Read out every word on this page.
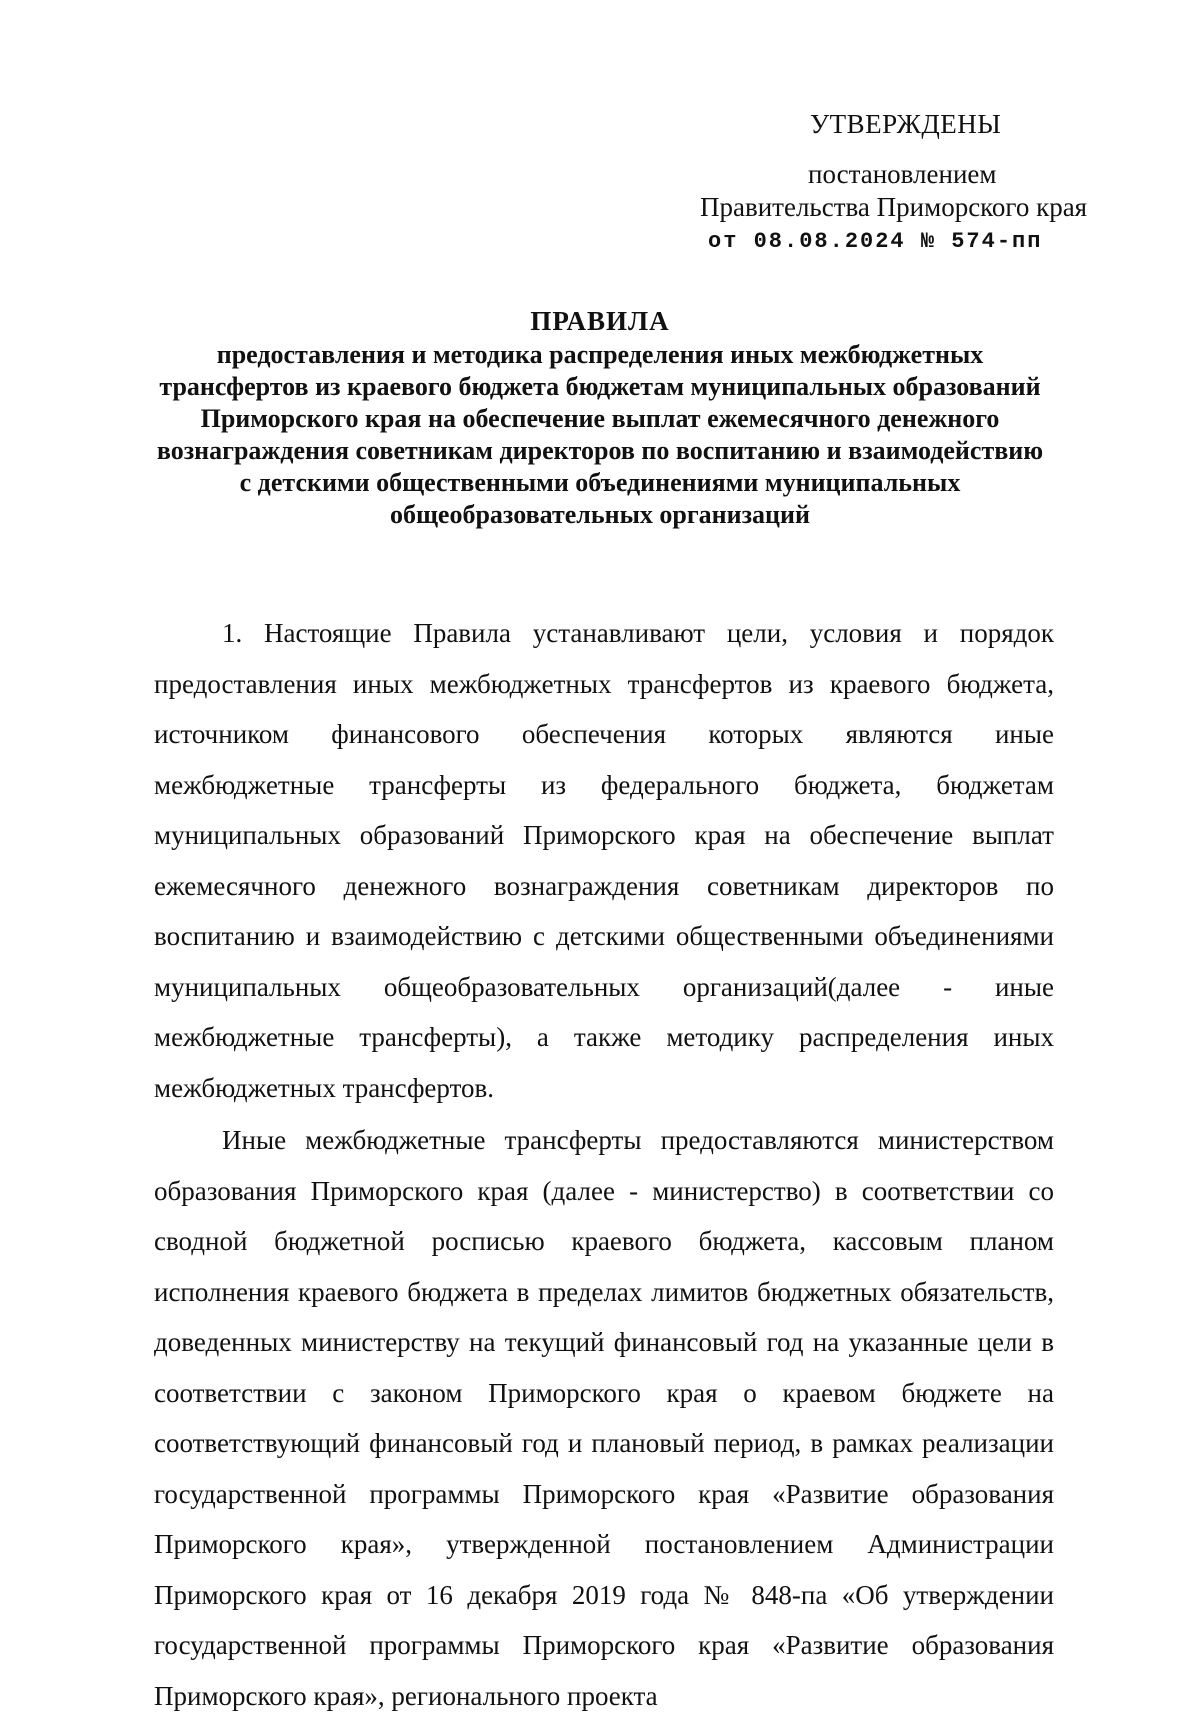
УТВЕРЖДЕНЫ
постановлением
Правительства Приморского края
от 08.08.2024 № 574-пп
ПРАВИЛА
предоставления и методика распределения иных межбюджетных трансфертов из краевого бюджета бюджетам муниципальных образований Приморского края на обеспечение выплат ежемесячного денежного вознаграждения советникам директоров по воспитанию и взаимодействию с детскими общественными объединениями муниципальных общеобразовательных организаций

1. Настоящие Правила устанавливают цели, условия и порядок предоставления иных межбюджетных трансфертов из краевого бюджета, источником финансового обеспечения которых являются иные межбюджетные трансферты из федерального бюджета, бюджетам муниципальных образований Приморского края на обеспечение выплат ежемесячного денежного вознаграждения советникам директоров по воспитанию и взаимодействию с детскими общественными объединениями муниципальных общеобразовательных организаций(далее - иные межбюджетные трансферты), а также методику распределения иных межбюджетных трансфертов.

Иные межбюджетные трансферты предоставляются министерством образования Приморского края (далее - министерство) в соответствии со сводной бюджетной росписью краевого бюджета, кассовым планом исполнения краевого бюджета в пределах лимитов бюджетных обязательств, доведенных министерству на текущий финансовый год на указанные цели в соответствии с законом Приморского края о краевом бюджете на соответствующий финансовый год и плановый период, в рамках реализации государственной программы Приморского края «Развитие образования Приморского края», утвержденной постановлением Администрации Приморского края от 16 декабря 2019 года № 848-па «Об утверждении государственной программы Приморского края «Развитие образования Приморского края», регионального проекта
